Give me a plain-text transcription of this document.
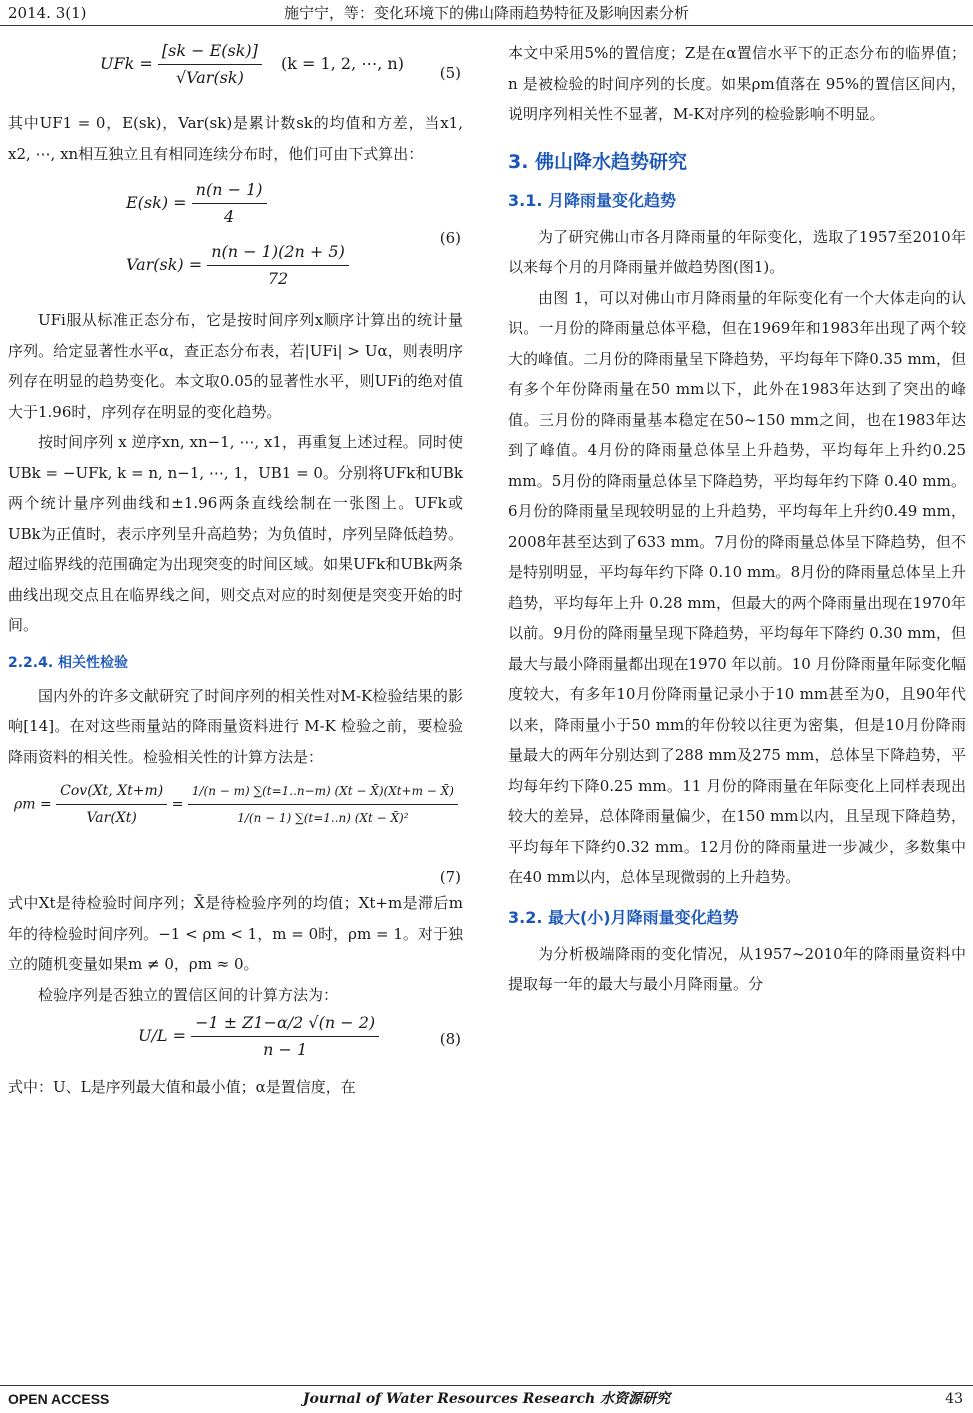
2014. 3(1)	施宁宁，等：变化环境下的佛山降雨趋势特征及影响因素分析
UFk = $\frac{[sk - E(sk)]}{\text{√Var(sk)}} (k = 1$, 2, ⋯, n) (5)

其中UF1 = 0，E(sk)，Var(sk)是累计数sk的均值和方差，当x1, x2, ⋯, xn相互独立且有相同连续分布时，他们可由下式算出：

$E(sk) = \frac{n(n - 1)}{4}$
$Var(sk) = \frac{n(n - 1)(2n + 5)}{72}$
(6)

UFi服从标准正态分布，它是按时间序列x顺序计算出的统计量序列。给定显著性水平α，查正态分布表，若|UFi| > Uα，则表明序列存在明显的趋势变化。本文取0.05的显著性水平，则UFi的绝对值大于1.96时，序列存在明显的变化趋势。

按时间序列 x 逆序xn, xn−1, ⋯, x1，再重复上述过程。同时使UBk = −UFk, k = n, n−1, ⋯, 1，UB1 = 0。分别将UFk和UBk两个统计量序列曲线和±1.96两条直线绘制在一张图上。UFk或UBk为正值时，表示序列呈升高趋势；为负值时，序列呈降低趋势。超过临界线的范围确定为出现突变的时间区域。如果UFk和UBk两条曲线出现交点且在临界线之间，则交点对应的时刻便是突变开始的时间。

2.2.4. 相关性检验

国内外的许多文献研究了时间序列的相关性对M-K检验结果的影响[14]。在对这些雨量站的降雨量资料进行 M-K 检验之前，要检验降雨资料的相关性。检验相关性的计算方法是：

$\rho m = \frac{\text{Cov(Xt, Xt+m)}}{\text{Var(Xt)}} = \frac{1/(n - m) \sum(t=1..n-m) (Xt - X̄)(Xt+m - X̄)}{\text{1/(n − 1) ∑(t=1..n) (Xt − X̄)²}}$
(7)

式中Xt是待检验时间序列；X̄是待检验序列的均值；Xt+m是滞后m年的待检验时间序列。−1 < ρm < 1，m = 0时，ρm = 1。对于独立的随机变量如果m ≠ 0，ρm ≈ 0。

检验序列是否独立的置信区间的计算方法为：

$U/L = \frac{-1 \pm Z1-\alpha/2 √(n - 2)}{n - 1}$	(8)

式中：U、L是序列最大值和最小值；α是置信度，在

本文中采用5%的置信度；Z是在α置信水平下的正态分布的临界值；n 是被检验的时间序列的长度。如果ρm值落在 95%的置信区间内，说明序列相关性不显著，M-K对序列的检验影响不明显。

3. 佛山降水趋势研究
3.1. 月降雨量变化趋势

为了研究佛山市各月降雨量的年际变化，选取了1957至2010年以来每个月的月降雨量并做趋势图(图1)。

由图 1，可以对佛山市月降雨量的年际变化有一个大体走向的认识。一月份的降雨量总体平稳，但在1969年和1983年出现了两个较大的峰值。二月份的降雨量呈下降趋势，平均每年下降0.35 mm，但有多个年份降雨量在50 mm以下，此外在1983年达到了突出的峰值。三月份的降雨量基本稳定在50~150 mm之间，也在1983年达到了峰值。4月份的降雨量总体呈上升趋势，平均每年上升约0.25 mm。5月份的降雨量总体呈下降趋势，平均每年约下降 0.40 mm。6月份的降雨量呈现较明显的上升趋势，平均每年上升约0.49 mm，2008年甚至达到了633 mm。7月份的降雨量总体呈下降趋势，但不是特别明显，平均每年约下降 0.10 mm。8月份的降雨量总体呈上升趋势，平均每年上升 0.28 mm，但最大的两个降雨量出现在1970年以前。9月份的降雨量呈现下降趋势，平均每年下降约 0.30 mm，但最大与最小降雨量都出现在1970 年以前。10 月份降雨量年际变化幅度较大，有多年10月份降雨量记录小于10 mm甚至为0，且90年代以来，降雨量小于50 mm的年份较以往更为密集，但是10月份降雨量最大的两年分别达到了288 mm及275 mm，总体呈下降趋势，平均每年约下降0.25 mm。11 月份的降雨量在年际变化上同样表现出较大的差异，总体降雨量偏少，在150 mm以内，且呈现下降趋势，平均每年下降约0.32 mm。12月份的降雨量进一步减少，多数集中在40 mm以内，总体呈现微弱的上升趋势。

3.2. 最大(小)月降雨量变化趋势

为分析极端降雨的变化情况，从1957~2010年的降雨量资料中提取每一年的最大与最小月降雨量。分

OPEN ACCESS	Journal of Water Resources Research 水资源研究	43
